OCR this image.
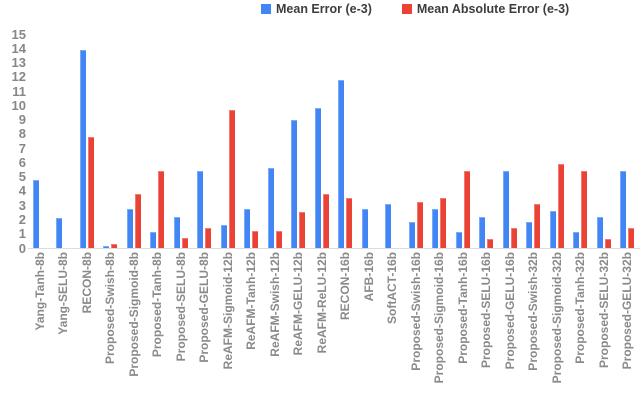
Mean Error (e-3)	Mean Absolute Error (e-3)
0
1
2
3
4
5
6
7
8
9
10
11
12
13
14
15
Yang-Tanh-8b Yang-SELU-8b RECON-8b Proposed-Swish-8b Proposed-Sigmoid-8b Proposed-Tanh-8b Proposed-SELU-8b Proposed-GELU-8b ReAFM-Sigmoid-12b ReAFM-Tanh-12b ReAFM-Swish-12b ReAFM-GELU-12b ReAFM-ReLU-12b RECON-16b AFB-16b SoftACT-16b Proposed-Swish-16b Proposed-Sigmoid-16b Proposed-Tanh-16b Proposed-SELU-16b Proposed-GELU-16b Proposed-Swish-32b Proposed-Sigmoid-32b Proposed-Tanh-32b Proposed-SELU-32b Proposed-GELU-32b
